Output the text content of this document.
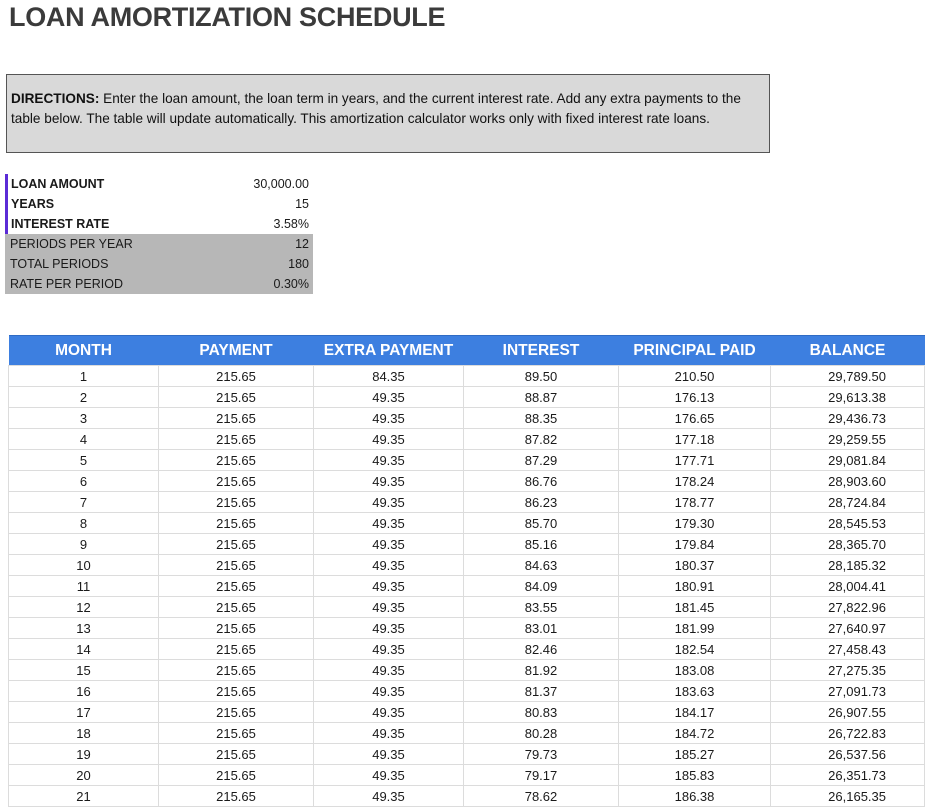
LOAN AMORTIZATION SCHEDULE
DIRECTIONS: Enter the loan amount, the loan term in years, and the current interest rate. Add any extra payments to the table below. The table will update automatically. This amortization calculator works only with fixed interest rate loans.
LOAN AMOUNT	30,000.00
YEARS	15
INTEREST RATE	3.58%
PERIODS PER YEAR	12
TOTAL PERIODS	180
RATE PER PERIOD	0.30%
MONTH	PAYMENT	EXTRA PAYMENT	INTEREST	PRINCIPAL PAID	BALANCE
1	215.65	84.35	89.50	210.50	29,789.50
2	215.65	49.35	88.87	176.13	29,613.38
3	215.65	49.35	88.35	176.65	29,436.73
4	215.65	49.35	87.82	177.18	29,259.55
5	215.65	49.35	87.29	177.71	29,081.84
6	215.65	49.35	86.76	178.24	28,903.60
7	215.65	49.35	86.23	178.77	28,724.84
8	215.65	49.35	85.70	179.30	28,545.53
9	215.65	49.35	85.16	179.84	28,365.70
10	215.65	49.35	84.63	180.37	28,185.32
11	215.65	49.35	84.09	180.91	28,004.41
12	215.65	49.35	83.55	181.45	27,822.96
13	215.65	49.35	83.01	181.99	27,640.97
14	215.65	49.35	82.46	182.54	27,458.43
15	215.65	49.35	81.92	183.08	27,275.35
16	215.65	49.35	81.37	183.63	27,091.73
17	215.65	49.35	80.83	184.17	26,907.55
18	215.65	49.35	80.28	184.72	26,722.83
19	215.65	49.35	79.73	185.27	26,537.56
20	215.65	49.35	79.17	185.83	26,351.73
21	215.65	49.35	78.62	186.38	26,165.35
